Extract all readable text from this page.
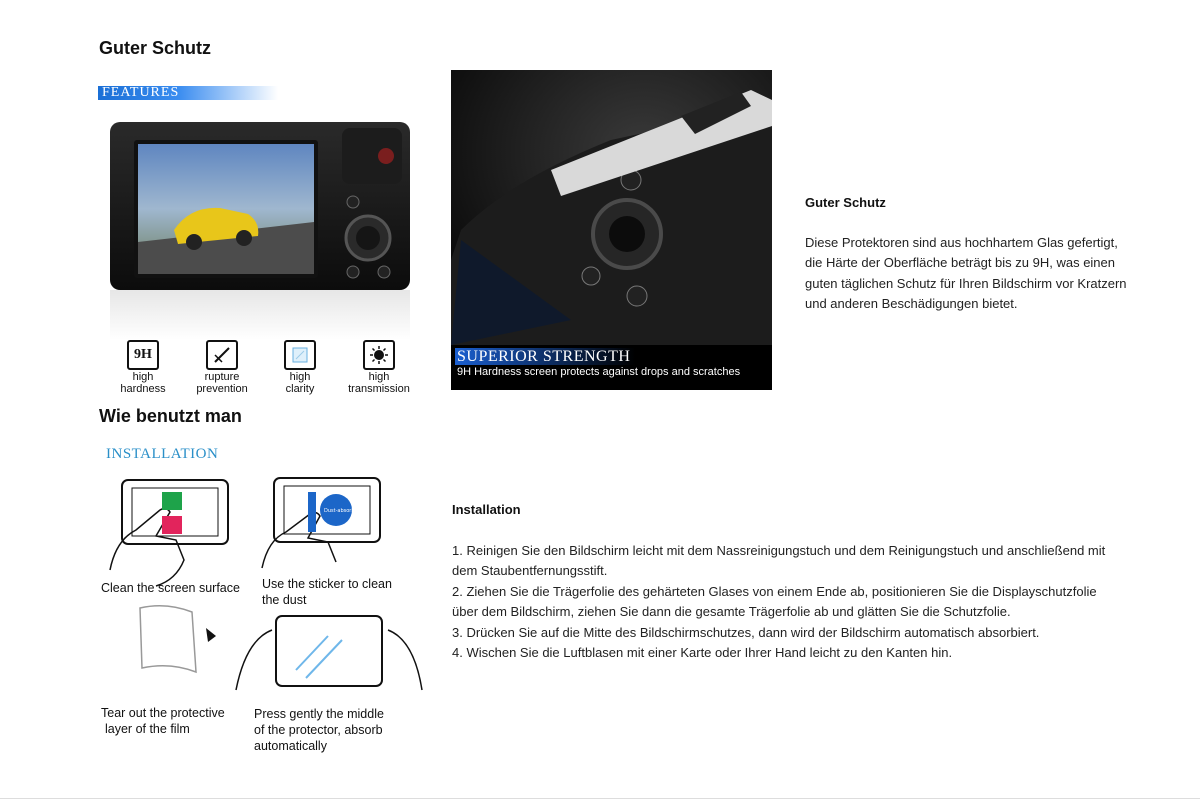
Guter Schutz
FEATURES
9H
high
hardness
rupture
prevention
high
clarity
high
transmission
SUPERIOR STRENGTH
9H Hardness screen protects against drops and scratches
Guter Schutz
Diese Protektoren sind aus hochhartem Glas gefertigt, die Härte der Oberfläche beträgt bis zu 9H, was einen guten täglichen Schutz für Ihren Bildschirm vor Kratzern und anderen Beschädigungen bietet.
Wie benutzt man
INSTALLATION
Dust-absorber
Clean the screen surface Use the sticker to clean
the dust
Tear out the protective
layer of the film
Press gently the middle
of the protector, absorb
automatically
Installation
1. Reinigen Sie den Bildschirm leicht mit dem Nassreinigungstuch und dem Reinigungstuch und anschließend mit dem Staubentfernungsstift.
2. Ziehen Sie die Trägerfolie des gehärteten Glases von einem Ende ab, positionieren Sie die Displayschutzfolie über dem Bildschirm, ziehen Sie dann die gesamte Trägerfolie ab und glätten Sie die Schutzfolie.
3. Drücken Sie auf die Mitte des Bildschirmschutzes, dann wird der Bildschirm automatisch absorbiert.
4. Wischen Sie die Luftblasen mit einer Karte oder Ihrer Hand leicht zu den Kanten hin.
